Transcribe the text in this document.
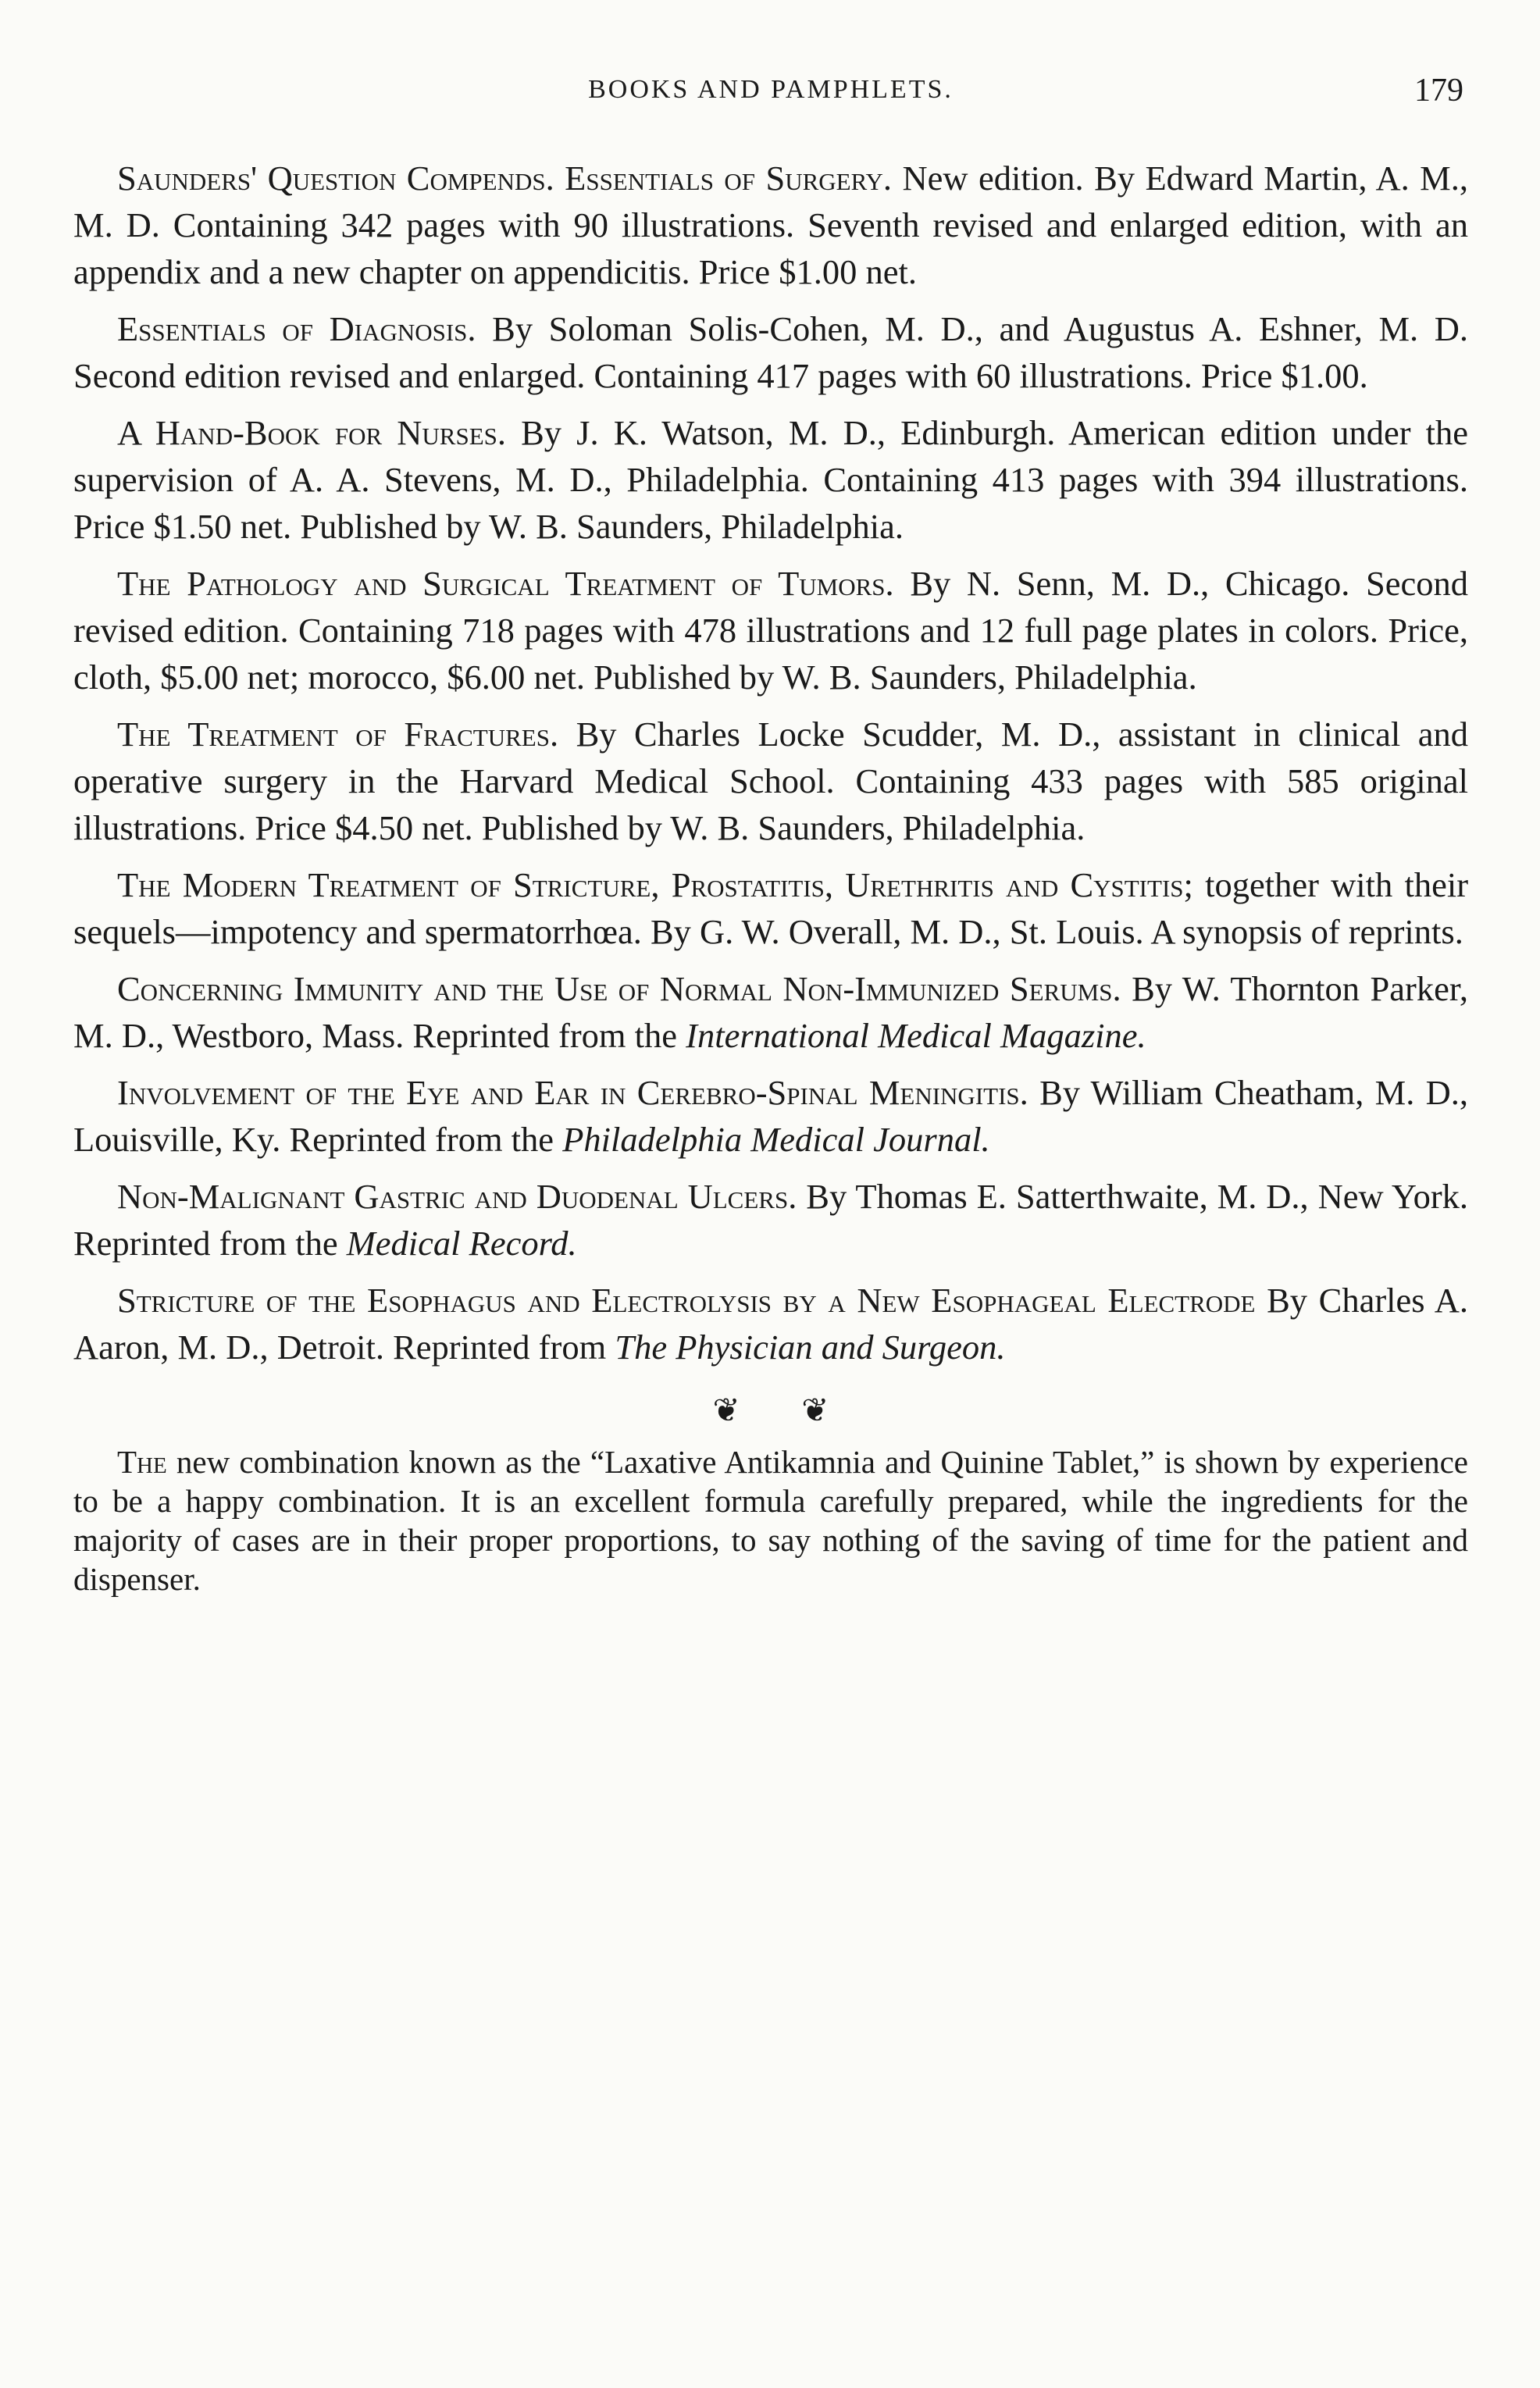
BOOKS AND PAMPHLETS.	179

Saunders' Question Compends. Essentials of Surgery. New edition. By Edward Martin, A. M., M. D. Containing 342 pages with 90 illustrations. Seventh revised and enlarged edition, with an appendix and a new chapter on appendicitis. Price $1.00 net.

Essentials of Diagnosis. By Soloman Solis-Cohen, M. D., and Augustus A. Eshner, M. D. Second edition revised and enlarged. Containing 417 pages with 60 illustrations. Price $1.00.

A Hand-Book for Nurses. By J. K. Watson, M. D., Edinburgh. American edition under the supervision of A. A. Stevens, M. D., Philadelphia. Containing 413 pages with 394 illustrations. Price $1.50 net. Published by W. B. Saunders, Philadelphia.

The Pathology and Surgical Treatment of Tumors. By N. Senn, M. D., Chicago. Second revised edition. Containing 718 pages with 478 illustrations and 12 full page plates in colors. Price, cloth, $5.00 net; morocco, $6.00 net. Published by W. B. Saunders, Philadelphia.

The Treatment of Fractures. By Charles Locke Scudder, M. D., assistant in clinical and operative surgery in the Harvard Medical School. Containing 433 pages with 585 original illustrations. Price $4.50 net. Published by W. B. Saunders, Philadelphia.

The Modern Treatment of Stricture, Prostatitis, Urethritis and Cystitis; together with their sequels—impotency and spermatorrhœa. By G. W. Overall, M. D., St. Louis. A synopsis of reprints.

Concerning Immunity and the Use of Normal Non-Immunized Serums. By W. Thornton Parker, M. D., Westboro, Mass. Reprinted from the International Medical Magazine.

Involvement of the Eye and Ear in Cerebro-Spinal Meningitis. By William Cheatham, M. D., Louisville, Ky. Reprinted from the Philadelphia Medical Journal.

Non-Malignant Gastric and Duodenal Ulcers. By Thomas E. Satterthwaite, M. D., New York. Reprinted from the Medical Record.

Stricture of the Esophagus and Electrolysis by a New Esophageal Electrode By Charles A. Aaron, M. D., Detroit. Reprinted from The Physician and Surgeon.

❦ ❦

The new combination known as the “Laxative Antikamnia and Quinine Tablet,” is shown by experience to be a happy combination. It is an excellent formula carefully prepared, while the ingredients for the majority of cases are in their proper proportions, to say nothing of the saving of time for the patient and dispenser.
